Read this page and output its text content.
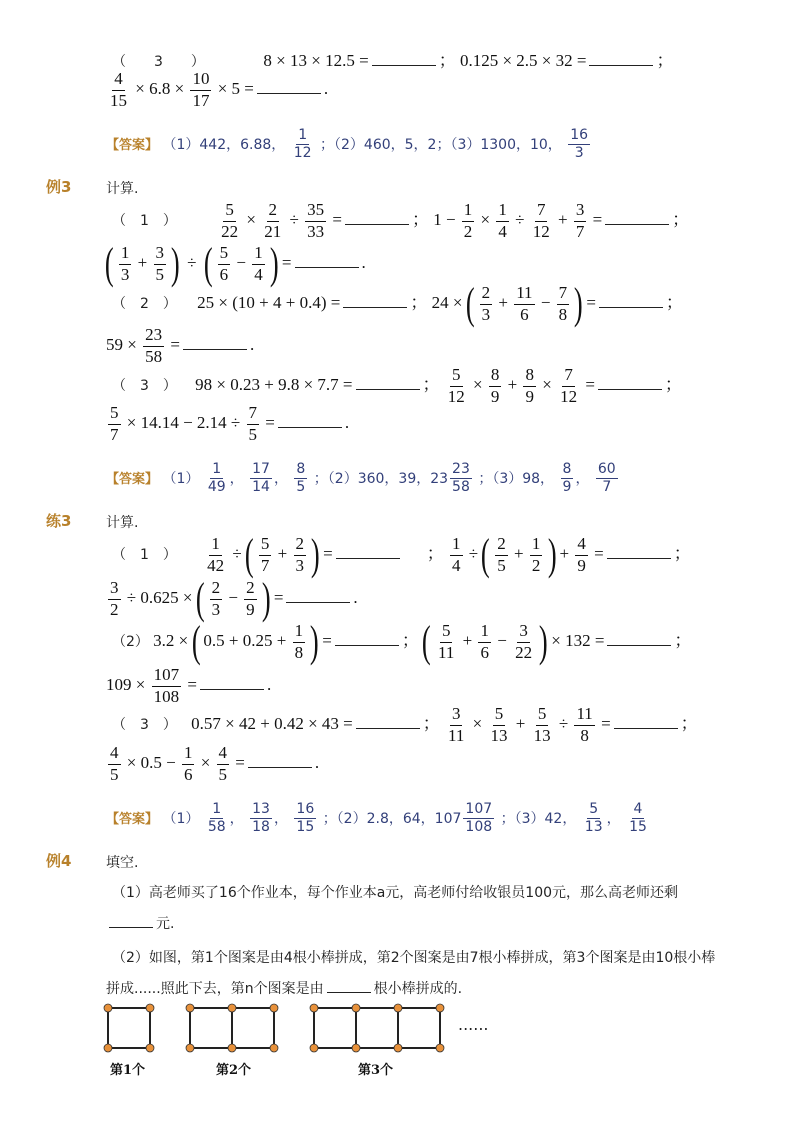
（　　3　　）	8 × 13 × 12.5 =	； 0.125 × 2.5 × 32 =	；
$\frac{4}{15} \times 6.8 \times \frac{10}{17} \times 5$ =	.
【答案】 （1）442，6.88， $\frac{1}{12}$ ；（2）460，5，2；（3）1300，10， $\frac{16}{3}$
例3 计算.
（　1　） $\frac{5}{22} \times \frac{2}{21} \div \frac{35}{33}$ =	； $1 - \frac{1}{2} \times \frac{1}{4} \div \frac{7}{12} + \frac{3}{7}$ =	；
( $\frac{1}{3} + \frac{3}{5}$ ) ÷ ( $\frac{5}{6} - \frac{1}{4}$ ) =	.
（　2　） 25 × (10 + 4 + 0.4) =	； 24 × ( $\frac{2}{3} + \frac{11}{6} - \frac{7}{8}$ ) =	；
$59 \times \frac{23}{58}$ =	.
（　3　） 98 × 0.23 + 9.8 × 7.7 =	； $\frac{5}{12} \times \frac{8}{9} + \frac{8}{9} \times \frac{7}{12}$ =	；
$\frac{5}{7} \times 14.14 - 2.14 \div \frac{7}{5}$ =	.
【答案】 $(1) \frac{1}{49}$ ， $\frac{17}{14}$ ， $\frac{8}{5}$ ；（2）360，39，$23 \frac{23}{58}$ ；（3）98， $\frac{8}{9}$ ， $\frac{60}{7}$
练3 计算.
（　1　） $\frac{1}{42}$ ÷ ( $\frac{5}{7} + \frac{2}{3}$ ) =	； $\frac{1}{4}$ ÷ ( $\frac{2}{5} + \frac{1}{2}$ ) + $\frac{4}{9}$ =	；
$\frac{3}{2} \div 0.625$ × ( $\frac{2}{3} - \frac{2}{9}$ ) =	.
（2） 3.2 × ( $0.5 + 0.25 + \frac{1}{8}$ ) =	； ( $\frac{5}{11} + \frac{1}{6} - \frac{3}{22}$ ) × 132 =	；
$109 \times \frac{107}{108}$ =	.
（　3　） 0.57 × 42 + 0.42 × 43 =	； $\frac{3}{11} \times \frac{5}{13} + \frac{5}{13} \div \frac{11}{8}$ =	；
$\frac{4}{5} \times 0.5 - \frac{1}{6} \times \frac{4}{5}$ =	.
【答案】 $(1) \frac{1}{58}$ ， $\frac{13}{18}$ ， $\frac{16}{15}$ ；（2）2.8，64，$107 \frac{107}{108}$ ；（3）42， $\frac{5}{13}$ ， $\frac{4}{15}$
例4 填空.
（1）高老师买了16个作业本，每个作业本a元，高老师付给收银员100元，那么高老师还剩
元.
（2）如图，第1个图案是由4根小棒拼成，第2个图案是由7根小棒拼成，第3个图案是由10根小棒
拼成......照此下去，第n个图案是由	根小棒拼成的.
......
第1个	第2个	第3个
